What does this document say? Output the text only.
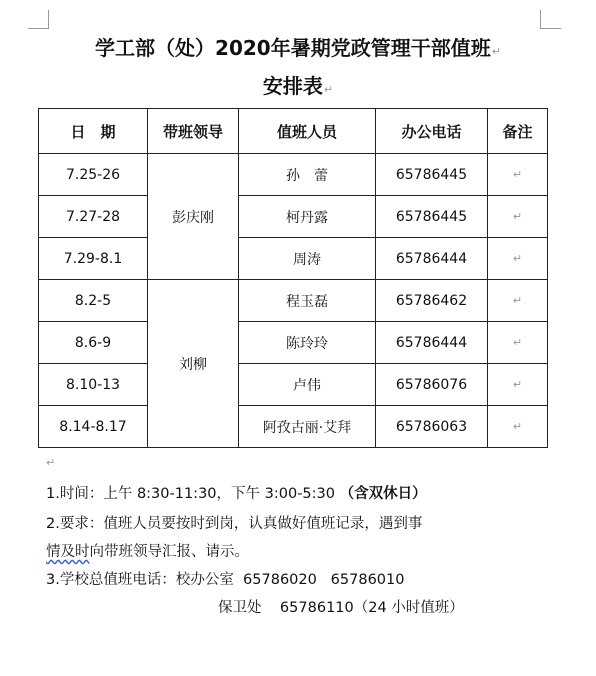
学工部（处）2020年暑期党政管理干部值班↵
安排表↵
日　期	带班领导	值班人员	办公电话	备注
7.25-26	彭庆刚	孙　蕾	65786445	↵
7.27-28		柯丹露	65786445	↵
7.29-8.1		周涛	65786444	↵
8.2-5	刘柳	程玉磊	65786462	↵
8.6-9		陈玲玲	65786444	↵
8.10-13		卢伟	65786076	↵
8.14-8.17		阿孜古丽·艾拜	65786063	↵
↵
1.时间：上午 8:30-11:30，下午 3:00-5:30 （含双休日）
2.要求：值班人员要按时到岗，认真做好值班记录，遇到事
情及时向带班领导汇报、请示。
3.学校总值班电话：校办公室  65786020   65786010
保卫处    65786110（24 小时值班）
